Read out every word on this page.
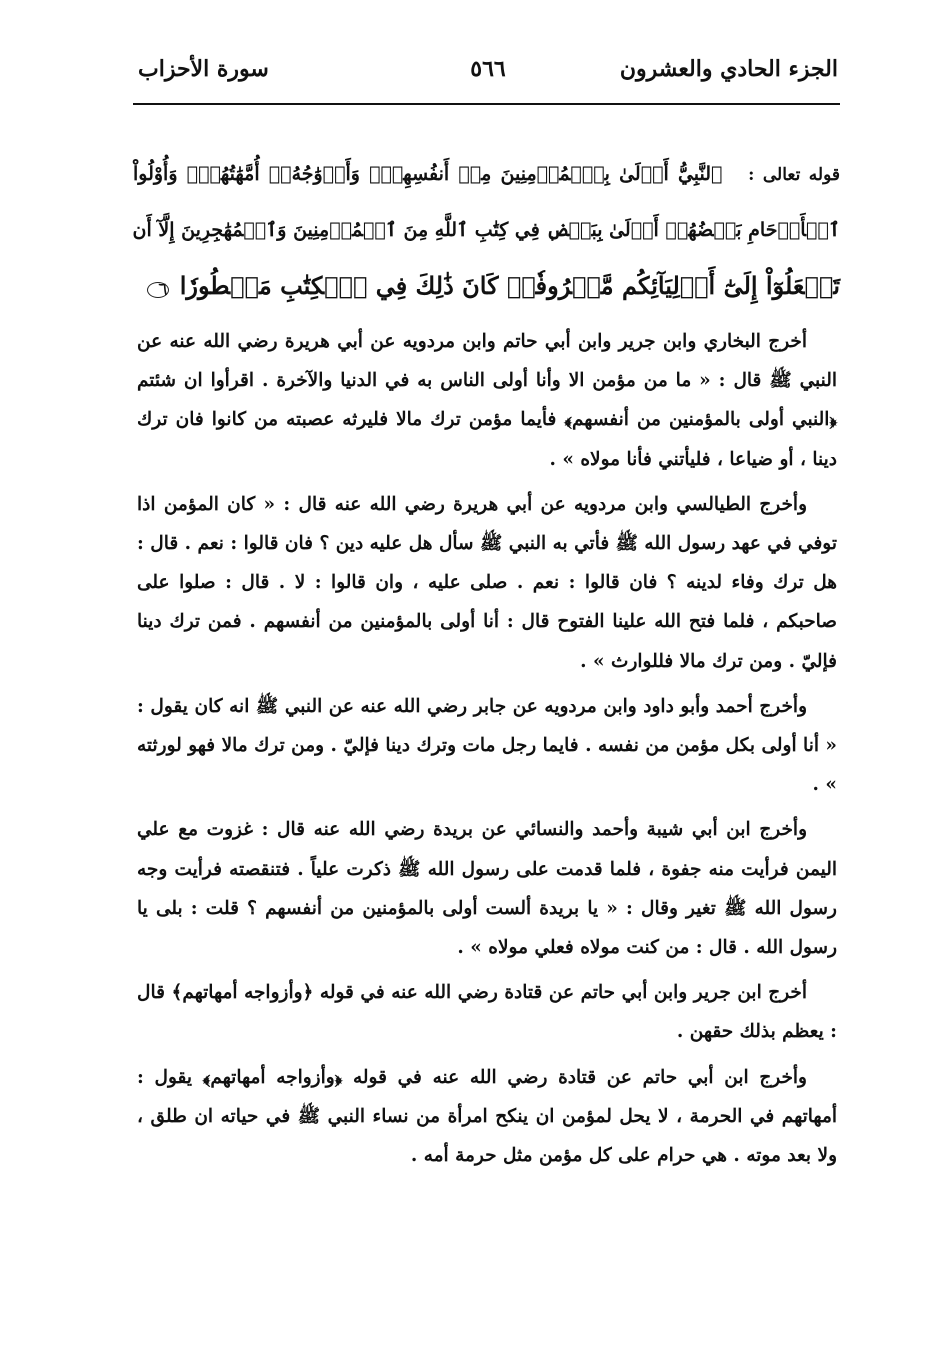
الجزء الحادي والعشرون
٥٦٦
سورة الأحزاب
قوله تعالى : ٱلنَّبِيُّ أَوۡلَىٰ بِٱلۡمُؤۡمِنِينَ مِنۡ أَنفُسِهِمۡۖ وَأَزۡوَٰجُهُۥٓ أُمَّهَٰتُهُمۡۗ وَأُوْلُواْ
ٱلۡأَرۡحَامِ بَعۡضُهُمۡ أَوۡلَىٰ بِبَعۡضٖ فِي كِتَٰبِ ٱللَّهِ مِنَ ٱلۡمُؤۡمِنِينَ وَٱلۡمُهَٰجِرِينَ إِلَّآ أَن
تَفۡعَلُوٓاْ إِلَىٰٓ أَوۡلِيَآئِكُم مَّعۡرُوفٗاۚ كَانَ ذَٰلِكَ فِي ٱلۡكِتَٰبِ مَسۡطُورٗا ٦

أخرج البخاري وابن جرير وابن أبي حاتم وابن مردويه عن أبي هريرة رضي الله عنه عن النبي ﷺ قال : « ما من مؤمن الا وأنا أولى الناس به في الدنيا والآخرة . اقرأوا ان شئتم ﴿النبي أولى بالمؤمنين من أنفسهم﴾ فأيما مؤمن ترك مالا فليرثه عصبته من كانوا فان ترك دينا ، أو ضياعا ، فليأتني فأنا مولاه » .

وأخرج الطيالسي وابن مردويه عن أبي هريرة رضي الله عنه قال : « كان المؤمن اذا توفي في عهد رسول الله ﷺ فأتي به النبي ﷺ سأل هل عليه دين ؟ فان قالوا : نعم . قال : هل ترك وفاء لدينه ؟ فان قالوا : نعم . صلى عليه ، وان قالوا : لا . قال : صلوا على صاحبكم ، فلما فتح الله علينا الفتوح قال : أنا أولى بالمؤمنين من أنفسهم . فمن ترك دينا فإليّ . ومن ترك مالا فللوارث » .

وأخرج أحمد وأبو داود وابن مردويه عن جابر رضي الله عنه عن النبي ﷺ انه كان يقول : « أنا أولى بكل مؤمن من نفسه . فايما رجل مات وترك دينا فإليّ . ومن ترك مالا فهو لورثته » .

وأخرج ابن أبي شيبة وأحمد والنسائي عن بريدة رضي الله عنه قال : غزوت مع علي اليمن فرأيت منه جفوة ، فلما قدمت على رسول الله ﷺ ذكرت علياً . فتنقصته فرأيت وجه رسول الله ﷺ تغير وقال : « يا بريدة ألست أولى بالمؤمنين من أنفسهم ؟ قلت : بلى يا رسول الله . قال : من كنت مولاه فعلي مولاه » .

أخرج ابن جرير وابن أبي حاتم عن قتادة رضي الله عنه في قوله ﴿وأزواجه أمهاتهم﴾ قال : يعظم بذلك حقهن .

وأخرج ابن أبي حاتم عن قتادة رضي الله عنه في قوله ﴿وأزواجه أمهاتهم﴾ يقول : أمهاتهم في الحرمة ، لا يحل لمؤمن ان ينكح امرأة من نساء النبي ﷺ في حياته ان طلق ، ولا بعد موته . هي حرام على كل مؤمن مثل حرمة أمه .
